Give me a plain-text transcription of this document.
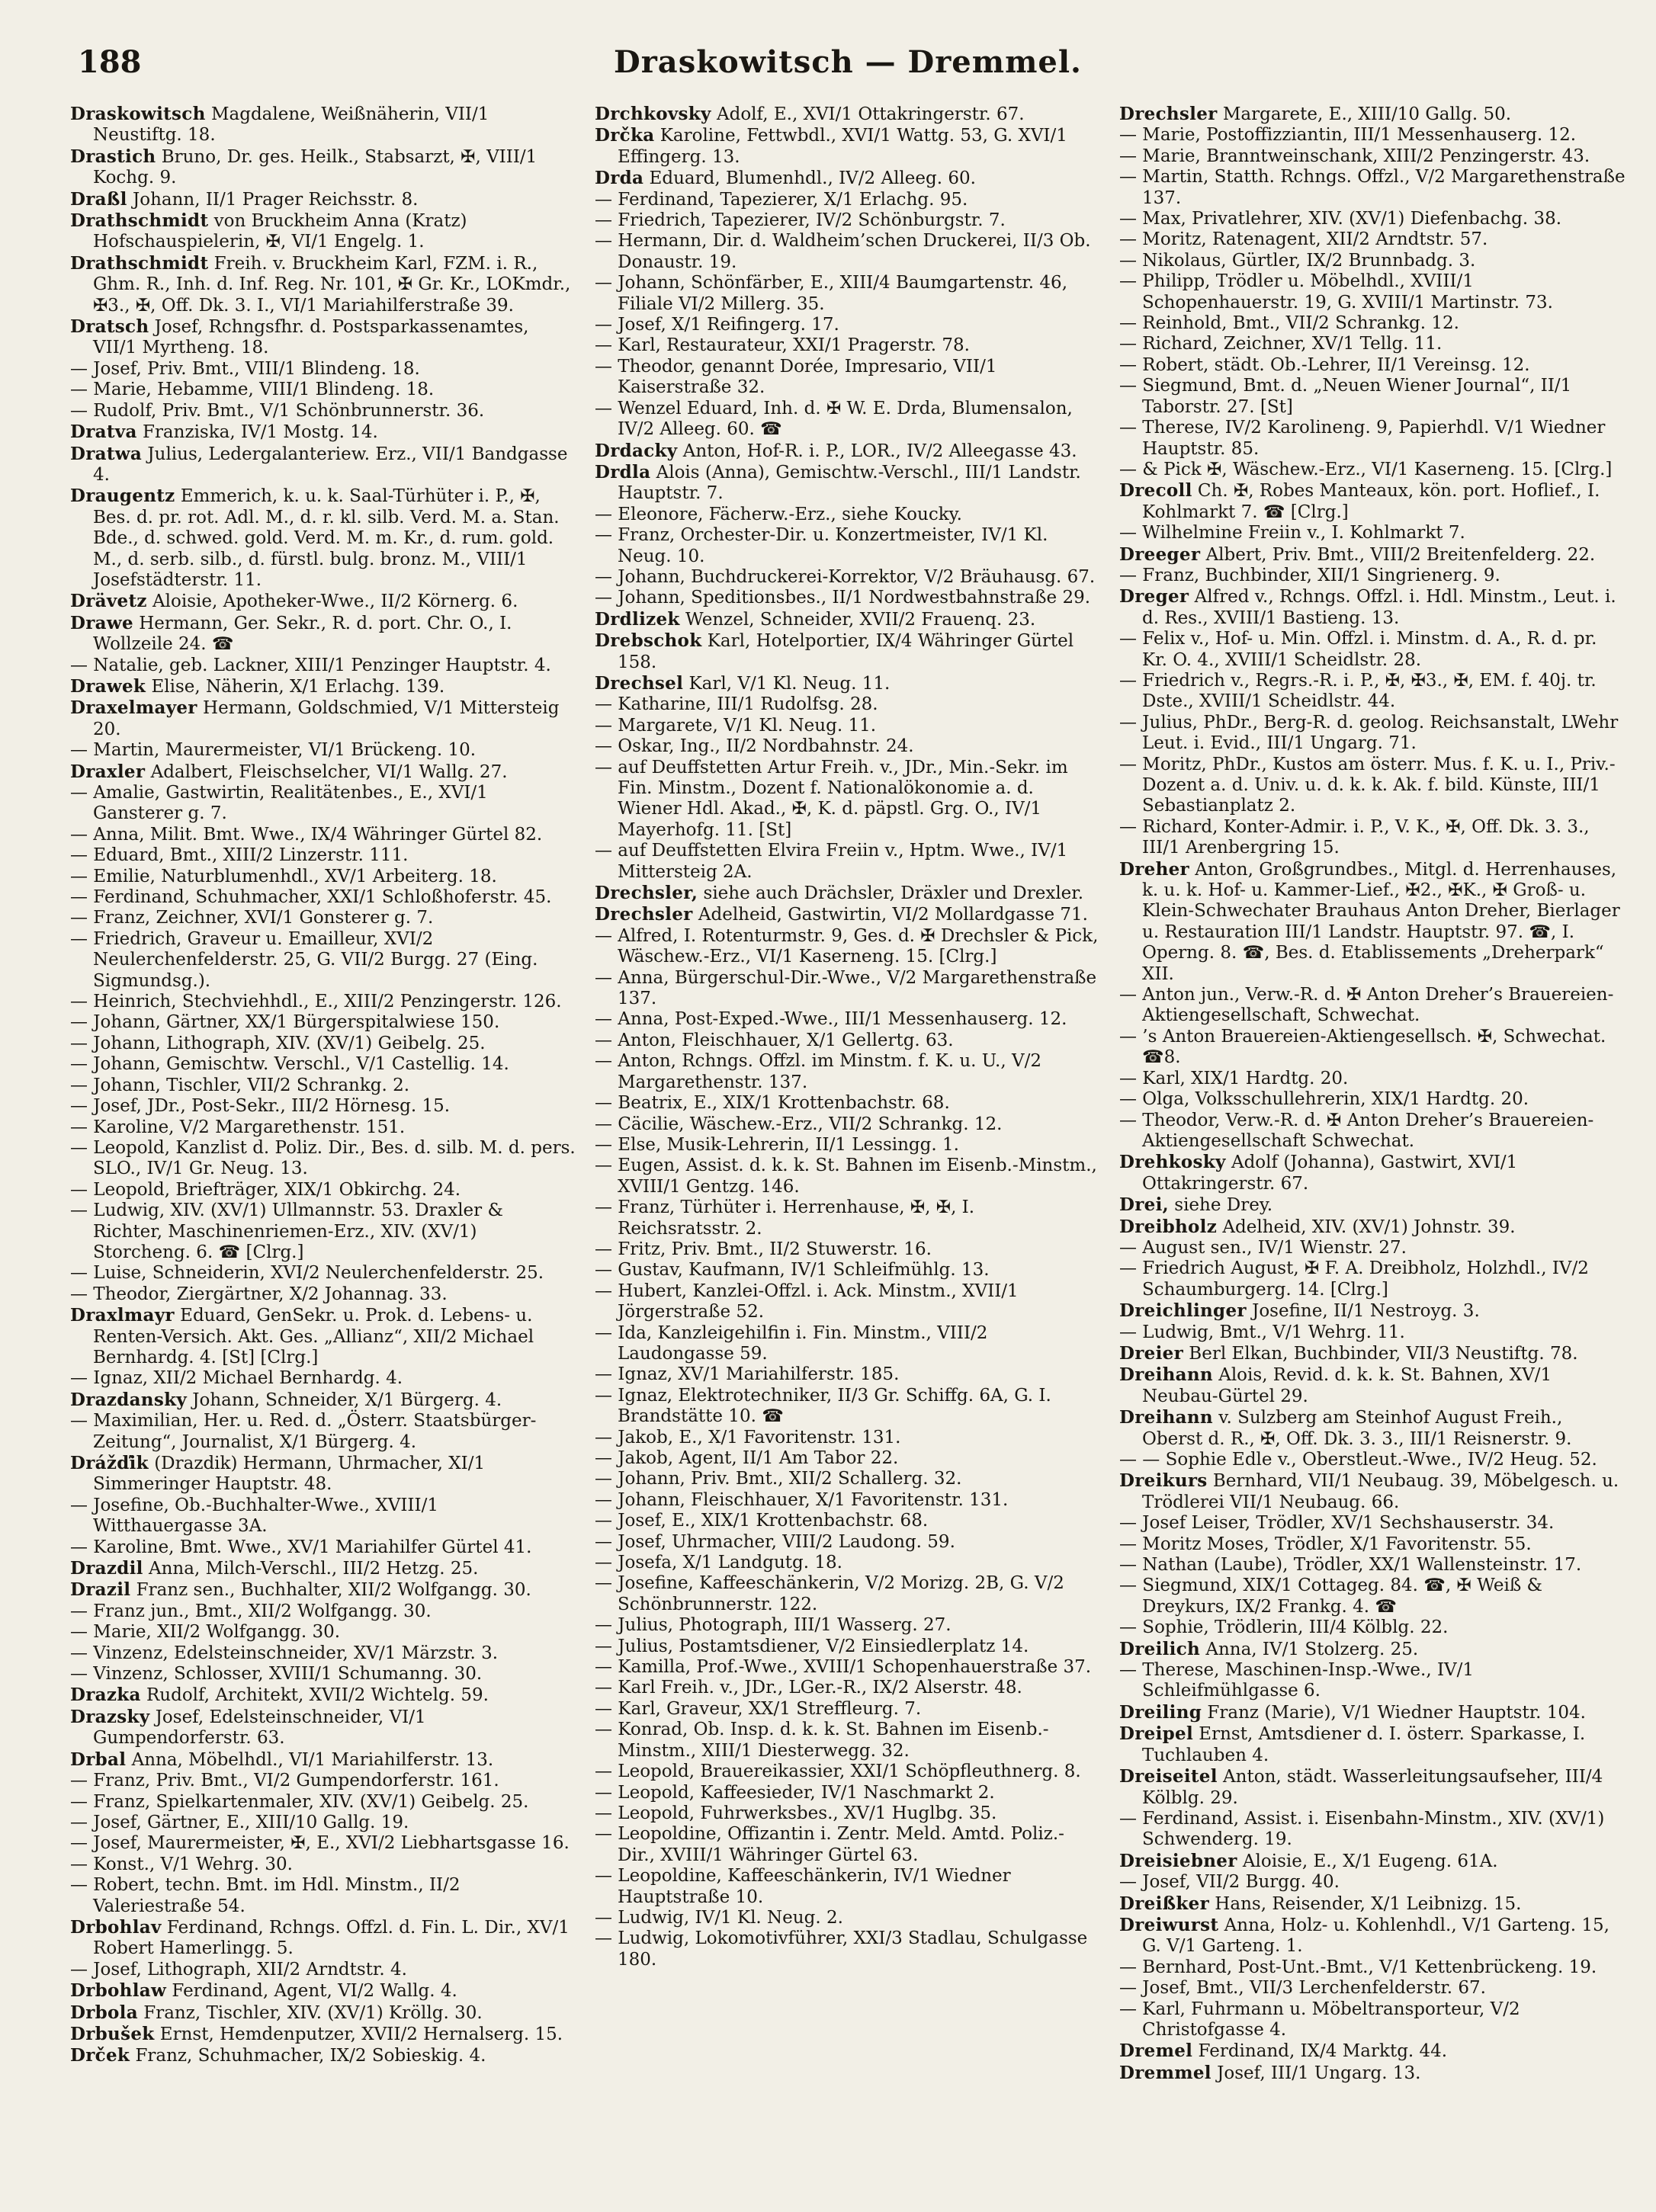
188	Draskowitsch — Dremmel.

Draskowitsch Magdalene, Weißnäherin, VII/1 Neustiftg. 18.

Drastich Bruno, Dr. ges. Heilk., Stabsarzt, ✠, VIII/1 Kochg. 9.

Draßl Johann, II/1 Prager Reichsstr. 8.

Drathschmidt von Bruckheim Anna (Kratz) Hofschauspielerin, ✠, VI/1 Engelg. 1.

Drathschmidt Freih. v. Bruckheim Karl, FZM. i. R., Ghm. R., Inh. d. Inf. Reg. Nr. 101, ✠ Gr. Kr., LOKmdr., ✠3., ✠, Off. Dk. 3. I., VI/1 Mariahilferstraße 39.

Dratsch Josef, Rchngsfhr. d. Postsparkassenamtes, VII/1 Myrtheng. 18.

— Josef, Priv. Bmt., VIII/1 Blindeng. 18.

— Marie, Hebamme, VIII/1 Blindeng. 18.

— Rudolf, Priv. Bmt., V/1 Schönbrunnerstr. 36.

Dratva Franziska, IV/1 Mostg. 14.

Dratwa Julius, Ledergalanteriew. Erz., VII/1 Bandgasse 4.

Draugentz Emmerich, k. u. k. Saal-Türhüter i. P., ✠, Bes. d. pr. rot. Adl. M., d. r. kl. silb. Verd. M. a. Stan. Bde., d. schwed. gold. Verd. M. m. Kr., d. rum. gold. M., d. serb. silb., d. fürstl. bulg. bronz. M., VIII/1 Josefstädterstr. 11.

Drävetz Aloisie, Apotheker-Wwe., II/2 Körnerg. 6.

Drawe Hermann, Ger. Sekr., R. d. port. Chr. O., I. Wollzeile 24. ☎

— Natalie, geb. Lackner, XIII/1 Penzinger Hauptstr. 4.

Drawek Elise, Näherin, X/1 Erlachg. 139.

Draxelmayer Hermann, Goldschmied, V/1 Mittersteig 20.

— Martin, Maurermeister, VI/1 Brückeng. 10.

Draxler Adalbert, Fleischselcher, VI/1 Wallg. 27.

— Amalie, Gastwirtin, Realitätenbes., E., XVI/1 Gansterer g. 7.

— Anna, Milit. Bmt. Wwe., IX/4 Währinger Gürtel 82.

— Eduard, Bmt., XIII/2 Linzerstr. 111.

— Emilie, Naturblumenhdl., XV/1 Arbeiterg. 18.

— Ferdinand, Schuhmacher, XXI/1 Schloßhoferstr. 45.

— Franz, Zeichner, XVI/1 Gonsterer g. 7.

— Friedrich, Graveur u. Emailleur, XVI/2 Neulerchenfelderstr. 25, G. VII/2 Burgg. 27 (Eing. Sigmundsg.).

— Heinrich, Stechviehhdl., E., XIII/2 Penzingerstr. 126.

— Johann, Gärtner, XX/1 Bürgerspitalwiese 150.

— Johann, Lithograph, XIV. (XV/1) Geibelg. 25.

— Johann, Gemischtw. Verschl., V/1 Castellig. 14.

— Johann, Tischler, VII/2 Schrankg. 2.

— Josef, JDr., Post-Sekr., III/2 Hörnesg. 15.

— Karoline, V/2 Margarethenstr. 151.

— Leopold, Kanzlist d. Poliz. Dir., Bes. d. silb. M. d. pers. SLO., IV/1 Gr. Neug. 13.

— Leopold, Briefträger, XIX/1 Obkirchg. 24.

— Ludwig, XIV. (XV/1) Ullmannstr. 53. Draxler & Richter, Maschinenriemen-Erz., XIV. (XV/1) Storcheng. 6. ☎ [Clrg.]

— Luise, Schneiderin, XVI/2 Neulerchenfelderstr. 25.

— Theodor, Ziergärtner, X/2 Johannag. 33.

Draxlmayr Eduard, GenSekr. u. Prok. d. Lebens- u. Renten-Versich. Akt. Ges. „Allianz“, XII/2 Michael Bernhardg. 4. [St] [Clrg.]

— Ignaz, XII/2 Michael Bernhardg. 4.

Drazdansky Johann, Schneider, X/1 Bürgerg. 4.

— Maximilian, Her. u. Red. d. „Österr. Staatsbürger-Zeitung“, Journalist, X/1 Bürgerg. 4.

Drážďik (Drazdik) Hermann, Uhrmacher, XI/1 Simmeringer Hauptstr. 48.

— Josefine, Ob.-Buchhalter-Wwe., XVIII/1 Witthauergasse 3A.

— Karoline, Bmt. Wwe., XV/1 Mariahilfer Gürtel 41.

Drazdil Anna, Milch-Verschl., III/2 Hetzg. 25.

Drazil Franz sen., Buchhalter, XII/2 Wolfgangg. 30.

— Franz jun., Bmt., XII/2 Wolfgangg. 30.

— Marie, XII/2 Wolfgangg. 30.

— Vinzenz, Edelsteinschneider, XV/1 Märzstr. 3.

— Vinzenz, Schlosser, XVIII/1 Schumanng. 30.

Drazka Rudolf, Architekt, XVII/2 Wichtelg. 59.

Drazsky Josef, Edelsteinschneider, VI/1 Gumpendorferstr. 63.

Drbal Anna, Möbelhdl., VI/1 Mariahilferstr. 13.

— Franz, Priv. Bmt., VI/2 Gumpendorferstr. 161.

— Franz, Spielkartenmaler, XIV. (XV/1) Geibelg. 25.

— Josef, Gärtner, E., XIII/10 Gallg. 19.

— Josef, Maurermeister, ✠, E., XVI/2 Liebhartsgasse 16.

— Konst., V/1 Wehrg. 30.

— Robert, techn. Bmt. im Hdl. Minstm., II/2 Valeriestraße 54.

Drbohlav Ferdinand, Rchngs. Offzl. d. Fin. L. Dir., XV/1 Robert Hamerlingg. 5.

— Josef, Lithograph, XII/2 Arndtstr. 4.

Drbohlaw Ferdinand, Agent, VI/2 Wallg. 4.

Drbola Franz, Tischler, XIV. (XV/1) Kröllg. 30.

Drbušek Ernst, Hemdenputzer, XVII/2 Hernalserg. 15.

Drček Franz, Schuhmacher, IX/2 Sobieskig. 4.

Drchkovsky Adolf, E., XVI/1 Ottakringerstr. 67.

Drčka Karoline, Fettwbdl., XVI/1 Wattg. 53, G. XVI/1 Effingerg. 13.

Drda Eduard, Blumenhdl., IV/2 Alleeg. 60.

— Ferdinand, Tapezierer, X/1 Erlachg. 95.

— Friedrich, Tapezierer, IV/2 Schönburgstr. 7.

— Hermann, Dir. d. Waldheim’schen Druckerei, II/3 Ob. Donaustr. 19.

— Johann, Schönfärber, E., XIII/4 Baumgartenstr. 46, Filiale VI/2 Millerg. 35.

— Josef, X/1 Reifingerg. 17.

— Karl, Restaurateur, XXI/1 Pragerstr. 78.

— Theodor, genannt Dorée, Impresario, VII/1 Kaiserstraße 32.

— Wenzel Eduard, Inh. d. ✠ W. E. Drda, Blumensalon, IV/2 Alleeg. 60. ☎

Drdacky Anton, Hof-R. i. P., LOR., IV/2 Alleegasse 43.

Drdla Alois (Anna), Gemischtw.-Verschl., III/1 Landstr. Hauptstr. 7.

— Eleonore, Fächerw.-Erz., siehe Koucky.

— Franz, Orchester-Dir. u. Konzertmeister, IV/1 Kl. Neug. 10.

— Johann, Buchdruckerei-Korrektor, V/2 Bräuhausg. 67.

— Johann, Speditionsbes., II/1 Nordwestbahnstraße 29.

Drdlizek Wenzel, Schneider, XVII/2 Frauenq. 23.

Drebschok Karl, Hotelportier, IX/4 Währinger Gürtel 158.

Drechsel Karl, V/1 Kl. Neug. 11.

— Katharine, III/1 Rudolfsg. 28.

— Margarete, V/1 Kl. Neug. 11.

— Oskar, Ing., II/2 Nordbahnstr. 24.

— auf Deuffstetten Artur Freih. v., JDr., Min.-Sekr. im Fin. Minstm., Dozent f. Nationalökonomie a. d. Wiener Hdl. Akad., ✠, K. d. päpstl. Grg. O., IV/1 Mayerhofg. 11. [St]

— auf Deuffstetten Elvira Freiin v., Hptm. Wwe., IV/1 Mittersteig 2A.

Drechsler, siehe auch Drächsler, Dräxler und Drexler.

Drechsler Adelheid, Gastwirtin, VI/2 Mollardgasse 71.

— Alfred, I. Rotenturmstr. 9, Ges. d. ✠ Drechsler & Pick, Wäschew.-Erz., VI/1 Kaserneng. 15. [Clrg.]

— Anna, Bürgerschul-Dir.-Wwe., V/2 Margarethenstraße 137.

— Anna, Post-Exped.-Wwe., III/1 Messenhauserg. 12.

— Anton, Fleischhauer, X/1 Gellertg. 63.

— Anton, Rchngs. Offzl. im Minstm. f. K. u. U., V/2 Margarethenstr. 137.

— Beatrix, E., XIX/1 Krottenbachstr. 68.

— Cäcilie, Wäschew.-Erz., VII/2 Schrankg. 12.

— Else, Musik-Lehrerin, II/1 Lessingg. 1.

— Eugen, Assist. d. k. k. St. Bahnen im Eisenb.-Minstm., XVIII/1 Gentzg. 146.

— Franz, Türhüter i. Herrenhause, ✠, ✠, I. Reichsratsstr. 2.

— Fritz, Priv. Bmt., II/2 Stuwerstr. 16.

— Gustav, Kaufmann, IV/1 Schleifmühlg. 13.

— Hubert, Kanzlei-Offzl. i. Ack. Minstm., XVII/1 Jörgerstraße 52.

— Ida, Kanzleigehilfin i. Fin. Minstm., VIII/2 Laudongasse 59.

— Ignaz, XV/1 Mariahilferstr. 185.

— Ignaz, Elektrotechniker, II/3 Gr. Schiffg. 6A, G. I. Brandstätte 10. ☎

— Jakob, E., X/1 Favoritenstr. 131.

— Jakob, Agent, II/1 Am Tabor 22.

— Johann, Priv. Bmt., XII/2 Schallerg. 32.

— Johann, Fleischhauer, X/1 Favoritenstr. 131.

— Josef, E., XIX/1 Krottenbachstr. 68.

— Josef, Uhrmacher, VIII/2 Laudong. 59.

— Josefa, X/1 Landgutg. 18.

— Josefine, Kaffeeschänkerin, V/2 Morizg. 2B, G. V/2 Schönbrunnerstr. 122.

— Julius, Photograph, III/1 Wasserg. 27.

— Julius, Postamtsdiener, V/2 Einsiedlerplatz 14.

— Kamilla, Prof.-Wwe., XVIII/1 Schopenhauerstraße 37.

— Karl Freih. v., JDr., LGer.-R., IX/2 Alserstr. 48.

— Karl, Graveur, XX/1 Streffleurg. 7.

— Konrad, Ob. Insp. d. k. k. St. Bahnen im Eisenb.-Minstm., XIII/1 Diesterwegg. 32.

— Leopold, Brauereikassier, XXI/1 Schöpfleuthnerg. 8.

— Leopold, Kaffeesieder, IV/1 Naschmarkt 2.

— Leopold, Fuhrwerksbes., XV/1 Huglbg. 35.

— Leopoldine, Offizantin i. Zentr. Meld. Amtd. Poliz.-Dir., XVIII/1 Währinger Gürtel 63.

— Leopoldine, Kaffeeschänkerin, IV/1 Wiedner Hauptstraße 10.

— Ludwig, IV/1 Kl. Neug. 2.

— Ludwig, Lokomotivführer, XXI/3 Stadlau, Schulgasse 180.

Drechsler Margarete, E., XIII/10 Gallg. 50.

— Marie, Postoffizziantin, III/1 Messenhauserg. 12.

— Marie, Branntweinschank, XIII/2 Penzingerstr. 43.

— Martin, Statth. Rchngs. Offzl., V/2 Margarethenstraße 137.

— Max, Privatlehrer, XIV. (XV/1) Diefenbachg. 38.

— Moritz, Ratenagent, XII/2 Arndtstr. 57.

— Nikolaus, Gürtler, IX/2 Brunnbadg. 3.

— Philipp, Trödler u. Möbelhdl., XVIII/1 Schopenhauerstr. 19, G. XVIII/1 Martinstr. 73.

— Reinhold, Bmt., VII/2 Schrankg. 12.

— Richard, Zeichner, XV/1 Tellg. 11.

— Robert, städt. Ob.-Lehrer, II/1 Vereinsg. 12.

— Siegmund, Bmt. d. „Neuen Wiener Journal“, II/1 Taborstr. 27. [St]

— Therese, IV/2 Karolineng. 9, Papierhdl. V/1 Wiedner Hauptstr. 85.

— & Pick ✠, Wäschew.-Erz., VI/1 Kaserneng. 15. [Clrg.]

Drecoll Ch. ✠, Robes Manteaux, kön. port. Hoflief., I. Kohlmarkt 7. ☎ [Clrg.]

— Wilhelmine Freiin v., I. Kohlmarkt 7.

Dreeger Albert, Priv. Bmt., VIII/2 Breitenfelderg. 22.

— Franz, Buchbinder, XII/1 Singrienerg. 9.

Dreger Alfred v., Rchngs. Offzl. i. Hdl. Minstm., Leut. i. d. Res., XVIII/1 Bastieng. 13.

— Felix v., Hof- u. Min. Offzl. i. Minstm. d. A., R. d. pr. Kr. O. 4., XVIII/1 Scheidlstr. 28.

— Friedrich v., Regrs.-R. i. P., ✠, ✠3., ✠, EM. f. 40j. tr. Dste., XVIII/1 Scheidlstr. 44.

— Julius, PhDr., Berg-R. d. geolog. Reichsanstalt, LWehr Leut. i. Evid., III/1 Ungarg. 71.

— Moritz, PhDr., Kustos am österr. Mus. f. K. u. I., Priv.-Dozent a. d. Univ. u. d. k. k. Ak. f. bild. Künste, III/1 Sebastianplatz 2.

— Richard, Konter-Admir. i. P., V. K., ✠, Off. Dk. 3. 3., III/1 Arenbergring 15.

Dreher Anton, Großgrundbes., Mitgl. d. Herrenhauses, k. u. k. Hof- u. Kammer-Lief., ✠2., ✠K., ✠ Groß- u. Klein-Schwechater Brauhaus Anton Dreher, Bierlager u. Restauration III/1 Landstr. Hauptstr. 97. ☎, I. Operng. 8. ☎, Bes. d. Etablissements „Dreherpark“ XII.

— Anton jun., Verw.-R. d. ✠ Anton Dreher’s Brauereien-Aktiengesellschaft, Schwechat.

— ’s Anton Brauereien-Aktiengesellsch. ✠, Schwechat. ☎8.

— Karl, XIX/1 Hardtg. 20.

— Olga, Volksschullehrerin, XIX/1 Hardtg. 20.

— Theodor, Verw.-R. d. ✠ Anton Dreher’s Brauereien-Aktiengesellschaft Schwechat.

Drehkosky Adolf (Johanna), Gastwirt, XVI/1 Ottakringerstr. 67.

Drei, siehe Drey.

Dreibholz Adelheid, XIV. (XV/1) Johnstr. 39.

— August sen., IV/1 Wienstr. 27.

— Friedrich August, ✠ F. A. Dreibholz, Holzhdl., IV/2 Schaumburgerg. 14. [Clrg.]

Dreichlinger Josefine, II/1 Nestroyg. 3.

— Ludwig, Bmt., V/1 Wehrg. 11.

Dreier Berl Elkan, Buchbinder, VII/3 Neustiftg. 78.

Dreihann Alois, Revid. d. k. k. St. Bahnen, XV/1 Neubau-Gürtel 29.

Dreihann v. Sulzberg am Steinhof August Freih., Oberst d. R., ✠, Off. Dk. 3. 3., III/1 Reisnerstr. 9.

— — Sophie Edle v., Oberstleut.-Wwe., IV/2 Heug. 52.

Dreikurs Bernhard, VII/1 Neubaug. 39, Möbelgesch. u. Trödlerei VII/1 Neubaug. 66.

— Josef Leiser, Trödler, XV/1 Sechshauserstr. 34.

— Moritz Moses, Trödler, X/1 Favoritenstr. 55.

— Nathan (Laube), Trödler, XX/1 Wallensteinstr. 17.

— Siegmund, XIX/1 Cottageg. 84. ☎, ✠ Weiß & Dreykurs, IX/2 Frankg. 4. ☎

— Sophie, Trödlerin, III/4 Kölblg. 22.

Dreilich Anna, IV/1 Stolzerg. 25.

— Therese, Maschinen-Insp.-Wwe., IV/1 Schleifmühlgasse 6.

Dreiling Franz (Marie), V/1 Wiedner Hauptstr. 104.

Dreipel Ernst, Amtsdiener d. I. österr. Sparkasse, I. Tuchlauben 4.

Dreiseitel Anton, städt. Wasserleitungsaufseher, III/4 Kölblg. 29.

— Ferdinand, Assist. i. Eisenbahn-Minstm., XIV. (XV/1) Schwenderg. 19.

Dreisiebner Aloisie, E., X/1 Eugeng. 61A.

— Josef, VII/2 Burgg. 40.

Dreißker Hans, Reisender, X/1 Leibnizg. 15.

Dreiwurst Anna, Holz- u. Kohlenhdl., V/1 Garteng. 15, G. V/1 Garteng. 1.

— Bernhard, Post-Unt.-Bmt., V/1 Kettenbrückeng. 19.

— Josef, Bmt., VII/3 Lerchenfelderstr. 67.

— Karl, Fuhrmann u. Möbeltransporteur, V/2 Christofgasse 4.

Dremel Ferdinand, IX/4 Marktg. 44.

Dremmel Josef, III/1 Ungarg. 13.
